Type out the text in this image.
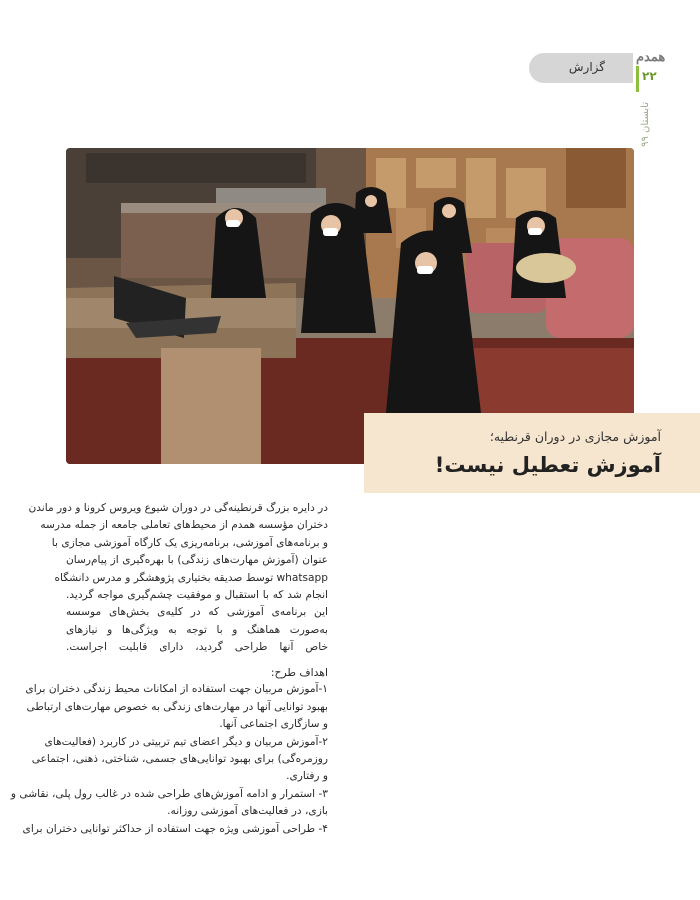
گزارش
همدم
۲۲
تابستان ۹۹
آموزش مجازی در دوران قرنطیه؛
آموزش تعطیل نیست!
در دایره بزرگ قرنطینه‌گی در دوران شیوع ویروس کرونا و دور ماندن
دختران مؤسسه همدم از محیط‌های تعاملی جامعه از جمله مدرسه
و برنامه‌های آموزشی، برنامه‌ریزی یک کارگاه آموزشی مجازی با
عنوان (آموزش مهارت‌های زندگی) با بهره‌گیری از پیام‌رسان
whatsapp توسط صدیقه بختیاری پژوهشگر و مدرس دانشگاه
انجام شد که با استقبال و موفقیت چشم‌گیری مواجه گردید.
این برنامه‌ی آموزشی که در کلیه‌ی بخش‌های موسسه
به‌صورت هماهنگ و با توجه به ویژگی‌ها و نیازهای
خاص آنها طراحی گردید، دارای قابلیت اجراست.
اهداف طرح:
۱-آموزش مربیان جهت استفاده از امکانات محیط زندگی دختران برای
بهبود توانایی آنها در مهارت‌های زندگی به خصوص مهارت‌های ارتباطی
و سازگاری اجتماعی آنها.
۲-آموزش مربیان و دیگر اعضای تیم تربیتی در کاربرد (فعالیت‌های
روزمره‌گی) برای بهبود توانایی‌های جسمی، شناختی، ذهنی، اجتماعی
و رفتاری.
۳- استمرار و ادامه آموزش‌های طراحی شده در غالب رول پلی، نقاشی و
بازی، در فعالیت‌های آموزشی روزانه.
۴- طراحی آموزشی ویژه جهت استفاده از حداکثر توانایی دختران برای
